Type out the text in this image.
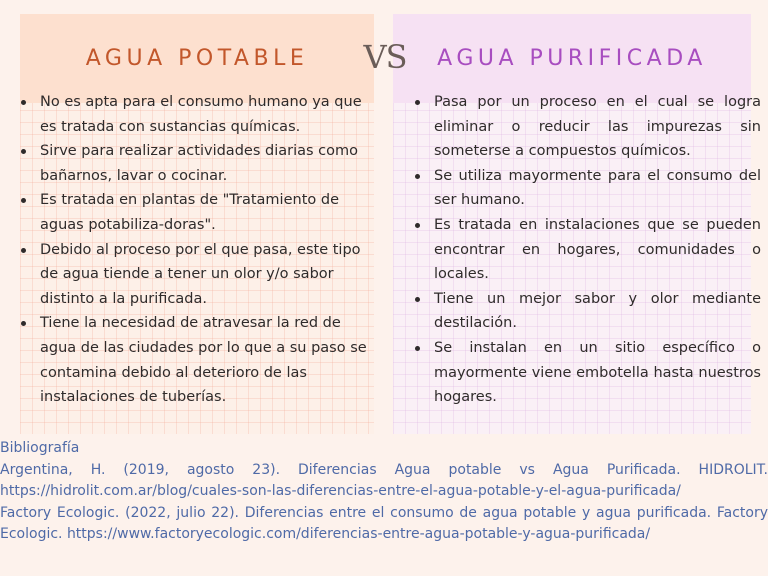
AGUA POTABLE	AGUA PURIFICADA
VS
No es apta para el consumo humano ya que es tratada con sustancias químicas.
Sirve para realizar actividades diarias como bañarnos, lavar o cocinar.
Es tratada en plantas de "Tratamiento de aguas potabiliza-doras".
Debido al proceso por el que pasa, este tipo de agua tiende a tener un olor y/o sabor distinto a la purificada.
Tiene la necesidad de atravesar la red de agua de las ciudades por lo que a su paso se contamina debido al deterioro de las instalaciones de tuberías.
Pasa por un proceso en el cual se logra eliminar o reducir las impurezas sin someterse a compuestos químicos.
Se utiliza mayormente para el consumo del ser humano.
Es tratada en instalaciones que se pueden encontrar en hogares, comunidades o locales.
Tiene un mejor sabor y olor mediante destilación.
Se instalan en un sitio específico o mayormente viene embotella hasta nuestros hogares.

Bibliografía

Argentina, H. (2019, agosto 23). Diferencias Agua potable vs Agua Purificada. HIDROLIT. https://hidrolit.com.ar/blog/cuales-son-las-diferencias-entre-el-agua-potable-y-el-agua-purificada/

Factory Ecologic. (2022, julio 22). Diferencias entre el consumo de agua potable y agua purificada. Factory Ecologic. https://www.factoryecologic.com/diferencias-entre-agua-potable-y-agua-purificada/
